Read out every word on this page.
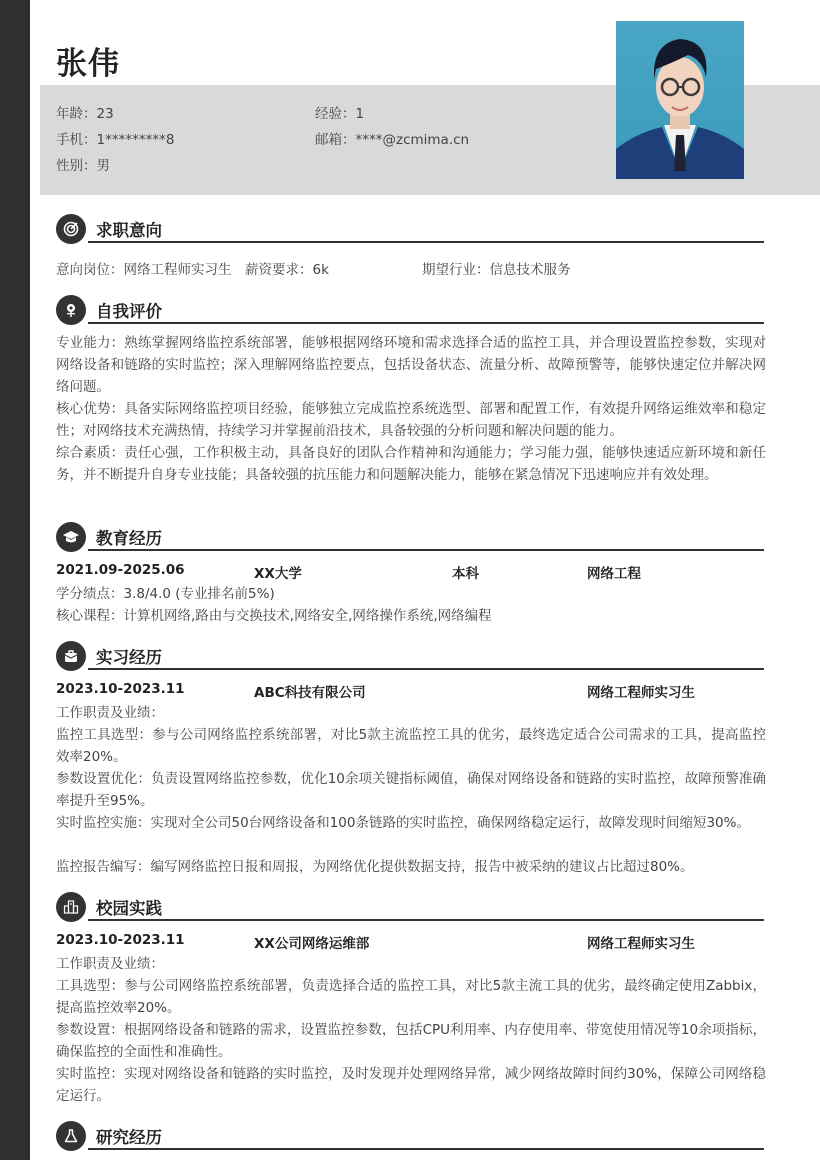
张伟
年龄：23	经验：1
手机：1*********8	邮箱：****@zcmima.cn
性别：男
求职意向
意向岗位：网络工程师实习生 薪资要求：6k	期望行业：信息技术服务
自我评价
专业能力：熟练掌握网络监控系统部署，能够根据网络环境和需求选择合适的监控工具，并合理设置监控参数，实现对网络设备和链路的实时监控；深入理解网络监控要点，包括设备状态、流量分析、故障预警等，能够快速定位并解决网络问题。
核心优势：具备实际网络监控项目经验，能够独立完成监控系统选型、部署和配置工作，有效提升网络运维效率和稳定性；对网络技术充满热情，持续学习并掌握前沿技术，具备较强的分析问题和解决问题的能力。
综合素质：责任心强，工作积极主动，具备良好的团队合作精神和沟通能力；学习能力强，能够快速适应新环境和新任务，并不断提升自身专业技能；具备较强的抗压能力和问题解决能力，能够在紧急情况下迅速响应并有效处理。
教育经历
2021.09-2025.06	XX大学	本科	网络工程
学分绩点：3.8/4.0 (专业排名前5%)
核心课程：计算机网络,路由与交换技术,网络安全,网络操作系统,网络编程
实习经历
2023.10-2023.11	ABC科技有限公司	网络工程师实习生
工作职责及业绩：
监控工具选型：参与公司网络监控系统部署，对比5款主流监控工具的优劣，最终选定适合公司需求的工具，提高监控效率20%。
参数设置优化：负责设置网络监控参数，优化10余项关键指标阈值，确保对网络设备和链路的实时监控，故障预警准确率提升至95%。
实时监控实施：实现对全公司50台网络设备和100条链路的实时监控，确保网络稳定运行，故障发现时间缩短30%。
监控报告编写：编写网络监控日报和周报，为网络优化提供数据支持，报告中被采纳的建议占比超过80%。
校园实践
2023.10-2023.11	XX公司网络运维部	网络工程师实习生
工作职责及业绩：
工具选型：参与公司网络监控系统部署，负责选择合适的监控工具，对比5款主流工具的优劣，最终确定使用Zabbix，提高监控效率20%。
参数设置：根据网络设备和链路的需求，设置监控参数，包括CPU利用率、内存使用率、带宽使用情况等10余项指标，确保监控的全面性和准确性。
实时监控：实现对网络设备和链路的实时监控，及时发现并处理网络异常，减少网络故障时间约30%，保障公司网络稳定运行。
研究经历
